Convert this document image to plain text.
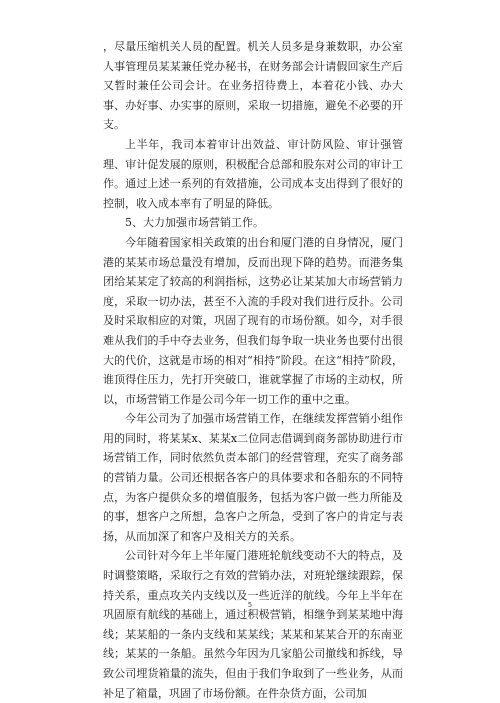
，尽量压缩机关人员的配置。机关人员多是身兼数职，办公室人事管理员某某兼任党办秘书，在财务部会计请假回家生产后又暂时兼任公司会计。在业务招待费上，本着花小钱、办大事、办好事、办实事的原则，采取一切措施，避免不必要的开支。

上半年，我司本着审计出效益、审计防风险、审计强管理、审计促发展的原则，积极配合总部和股东对公司的审计工作。通过上述一系列的有效措施，公司成本支出得到了很好的控制，收入成本率有了明显的降低。

5、大力加强市场营销工作。

今年随着国家相关政策的出台和厦门港的自身情况，厦门港的某某市场总量没有增加，反而出现下降的趋势。而港务集团给某某定了较高的利润指标，这势必让某某加大市场营销力度，采取一切办法，甚至不入流的手段对我们进行反扑。公司及时采取相应的对策，巩固了现有的市场份额。如今，对手很难从我们的手中夺去业务，但我们每争取一块业务也要付出很大的代价，这就是市场的相对“相持”阶段。在这“相持”阶段，谁顶得住压力，先打开突破口，谁就掌握了市场的主动权，所以，市场营销工作是公司今年一切工作的重中之重。

今年公司为了加强市场营销工作，在继续发挥营销小组作用的同时，将某某x、某某x二位同志借调到商务部协助进行市场营销工作，同时依然负责本部门的经营管理，充实了商务部的营销力量。公司还根据各客户的具体要求和各船东的不同特点，为客户提供众多的增值服务，包括为客户做一些力所能及的事，想客户之所想，急客户之所急，受到了客户的肯定与表扬，从而加深了和客户及相关方的关系。

公司针对今年上半年厦门港班轮航线变动不大的特点，及时调整策略，采取行之有效的营销办法，对班轮继续跟踪，保持关系，重点攻关内支线以及一些近洋的航线。今年上半年在巩固原有航线的基础上，通过积极营销，相继争到某某地中海线；某某船的一条内支线和某某线；某某和某某合开的东南亚线；某某的一条船。虽然今年因为几家船公司撤线和拆线，导致公司埋货箱量的流失，但由于我们争取到了一些业务，从而补足了箱量，巩固了市场份额。在件杂货方面，公司加

5
